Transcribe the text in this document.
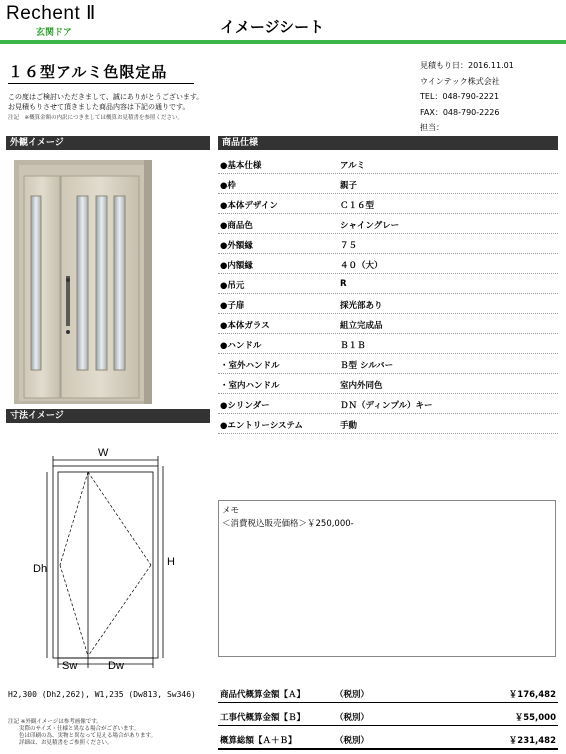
Rechent Ⅱ
玄関ドア	イメージシート
１６型アルミ色限定品	見積もり日：2016.11.01
ウインテック株式会社
TEL：048-790-2221
FAX：048-790-2226
担当：
この度はご検討いただきまして、誠にありがとうございます。
お見積もりさせて頂きました商品内容は下記の通りです。
注記　※概算金額の内訳につきましては概算お見積書を参照ください。
外観イメージ	商品仕様
寸法イメージ
●基本仕様	アルミ
●枠	親子
●本体デザイン	Ｃ１６型
●商品色	シャイングレー
●外額縁	７５
●内額縁	４０（大）
●吊元	R
●子扉	採光部あり
●本体ガラス	組立完成品
●ハンドル	Ｂ１Ｂ
・室外ハンドル	Ｂ型 シルバー
・室内ハンドル	室内外同色
●シリンダー	ＤＮ（ディンプル）キー
●エントリーシステム	手動
W
H
Dh
Sw	Dw
メモ
＜消費税込販売価格＞￥250,000-
H2,300 (Dh2,262), W1,235 (Dw813, Sw346)	商品代概算金額【Ａ】	（税別）	￥176,482
工事代概算金額【Ｂ】	（税別）	￥55,000
概算総額【Ａ＋Ｂ】	（税別）	￥231,482
注記 ※外観イメージは参考画像です。
　　実際のサイズ・仕様と異なる場合がございます。
　　色は印刷の為、実物と異なって見える場合があります。
　　詳細は、お見積書をご参照ください。
